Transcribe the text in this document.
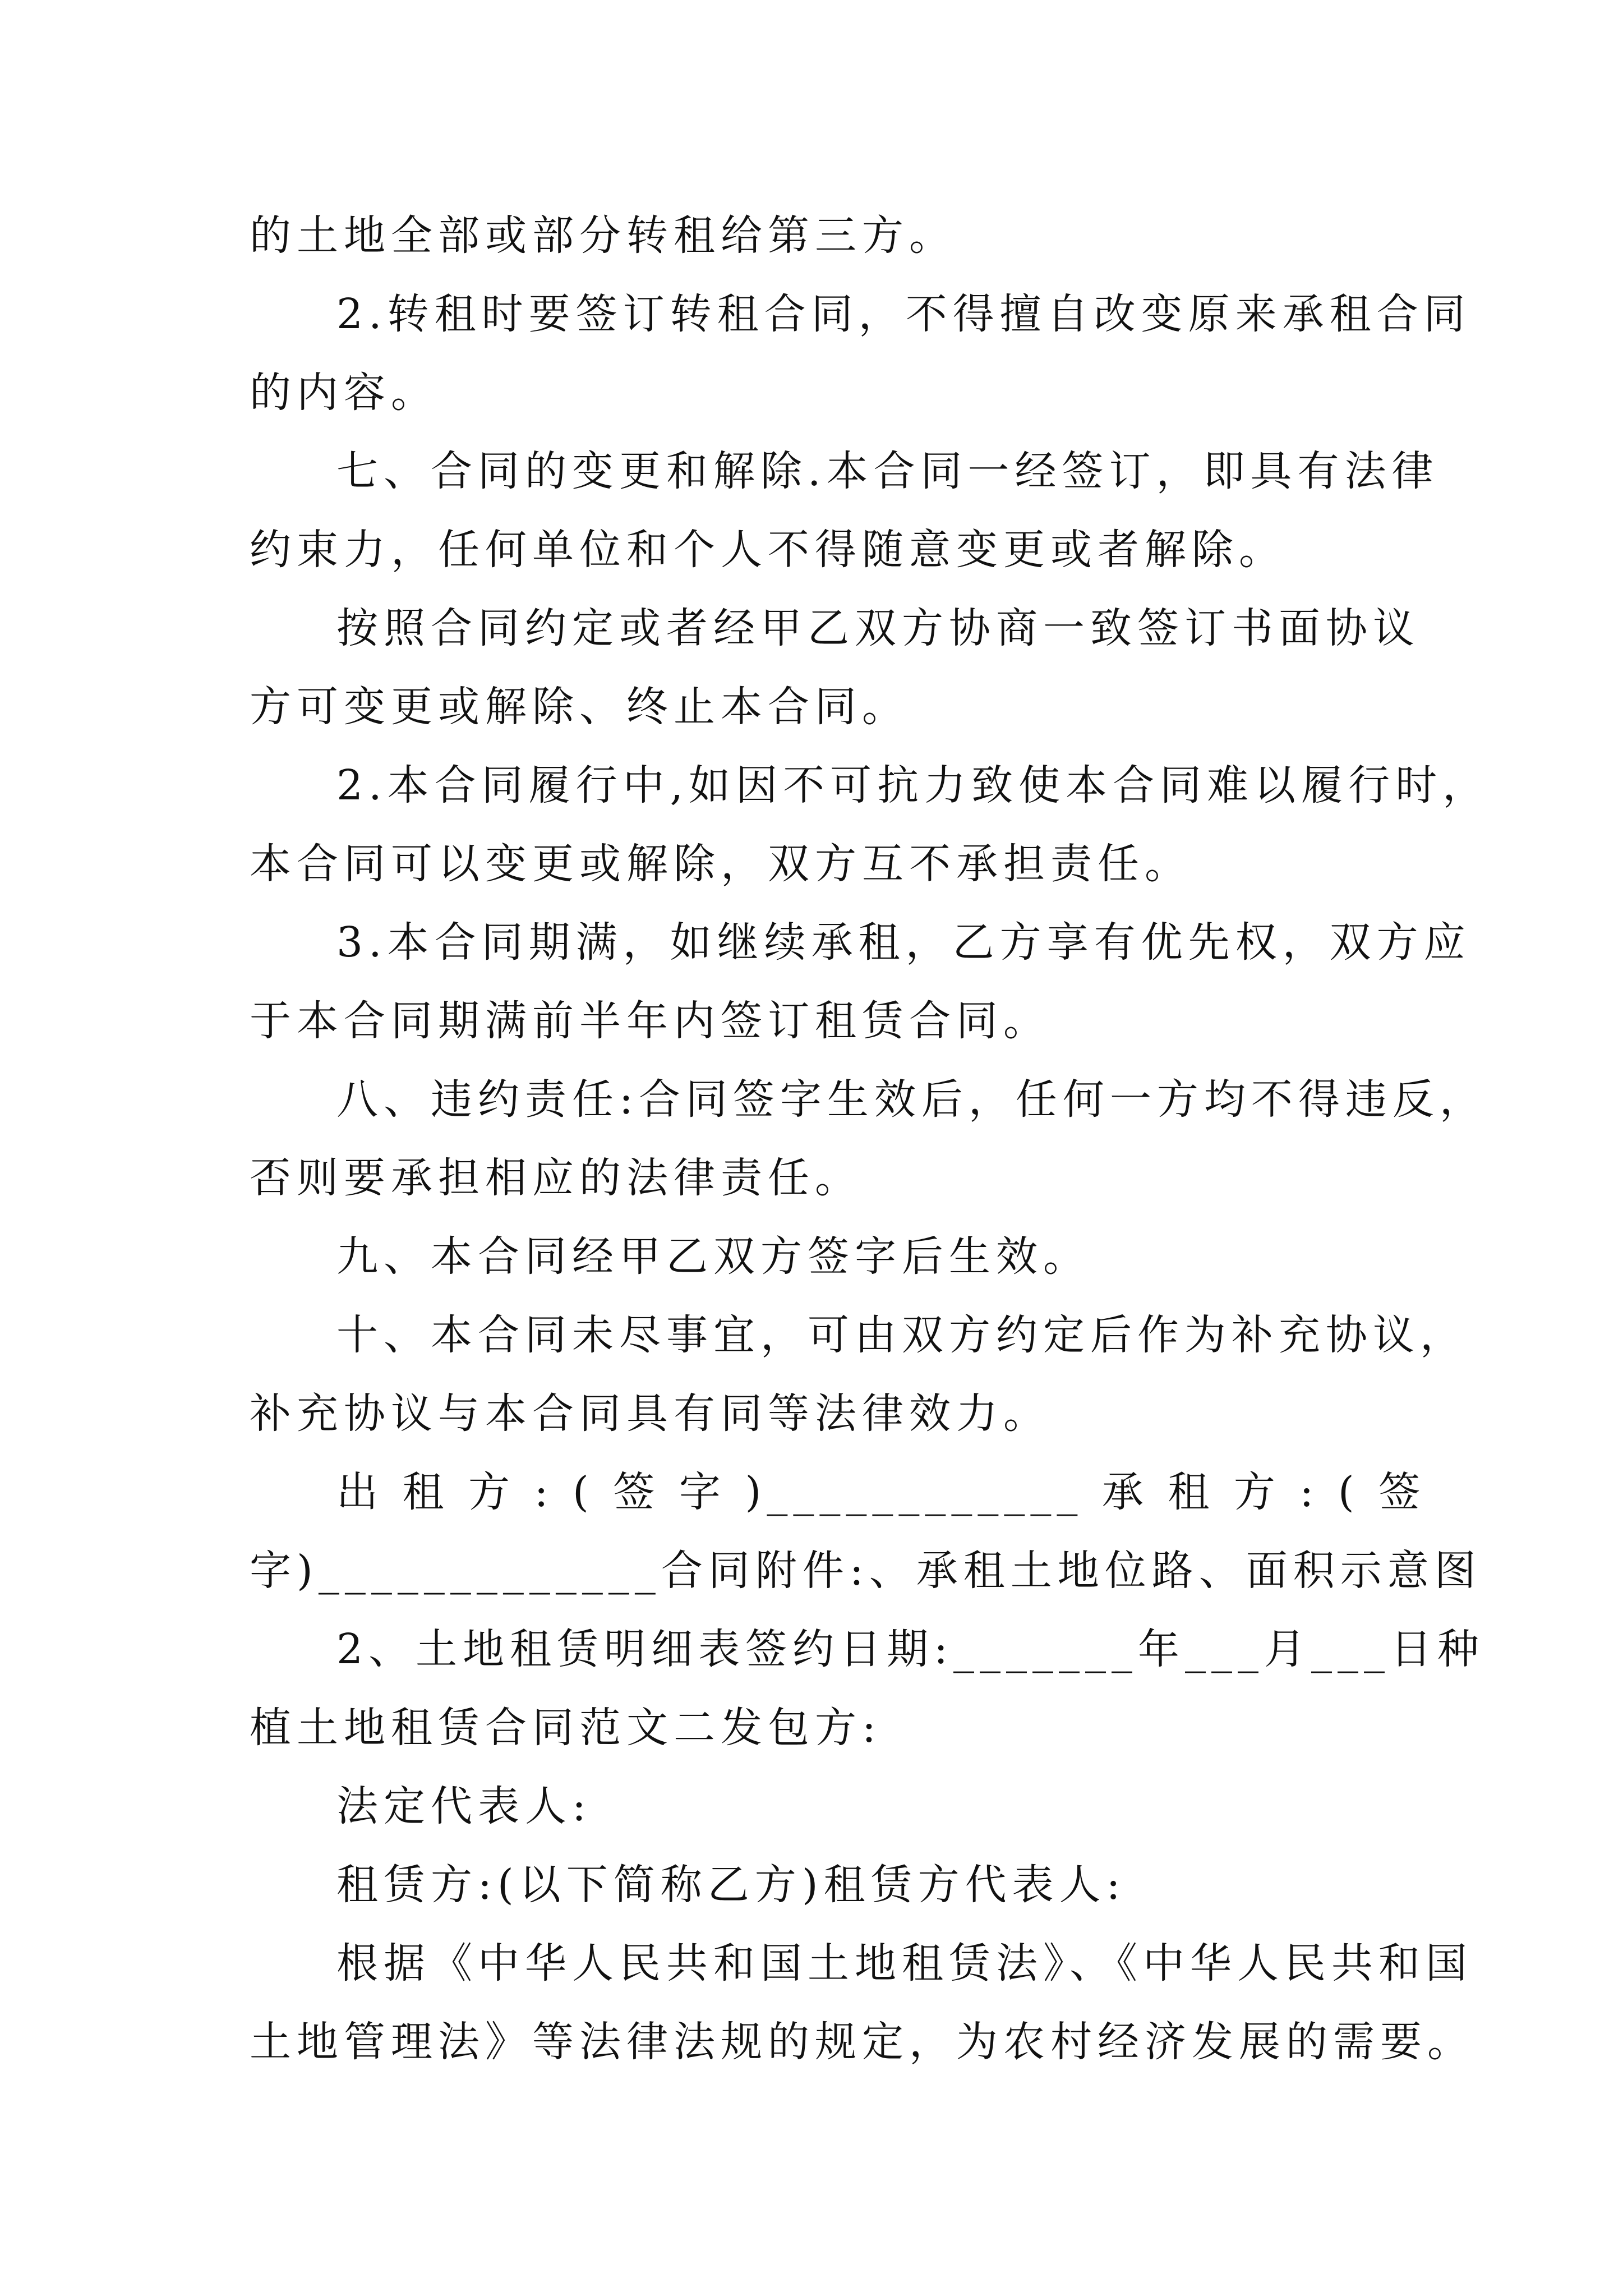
的土地全部或部分转租给第三方。
2.转租时要签订转租合同，不得擅自改变原来承租合同
的内容。
七、合同的变更和解除.本合同一经签订，即具有法律
约束力，任何单位和个人不得随意变更或者解除。
按照合同约定或者经甲乙双方协商一致签订书面协议
方可变更或解除、终止本合同。
2.本合同履行中,如因不可抗力致使本合同难以履行时，
本合同可以变更或解除，双方互不承担责任。
3.本合同期满，如继续承租，乙方享有优先权，双方应
于本合同期满前半年内签订租赁合同。
八、违约责任:合同签字生效后，任何一方均不得违反，
否则要承担相应的法律责任。
九、本合同经甲乙双方签字后生效。
十、本合同未尽事宜，可由双方约定后作为补充协议，
补充协议与本合同具有同等法律效力。
出 租 方 : ( 签 字 )____________ 承 租 方 : ( 签
字)_____________合同附件:、承租土地位路、面积示意图
2、土地租赁明细表签约日期:_______年___月___日种
植土地租赁合同范文二发包方:
法定代表人:
租赁方:(以下简称乙方)租赁方代表人:
根据《中华人民共和国土地租赁法》、《中华人民共和国
土地管理法》等法律法规的规定，为农村经济发展的需要。
